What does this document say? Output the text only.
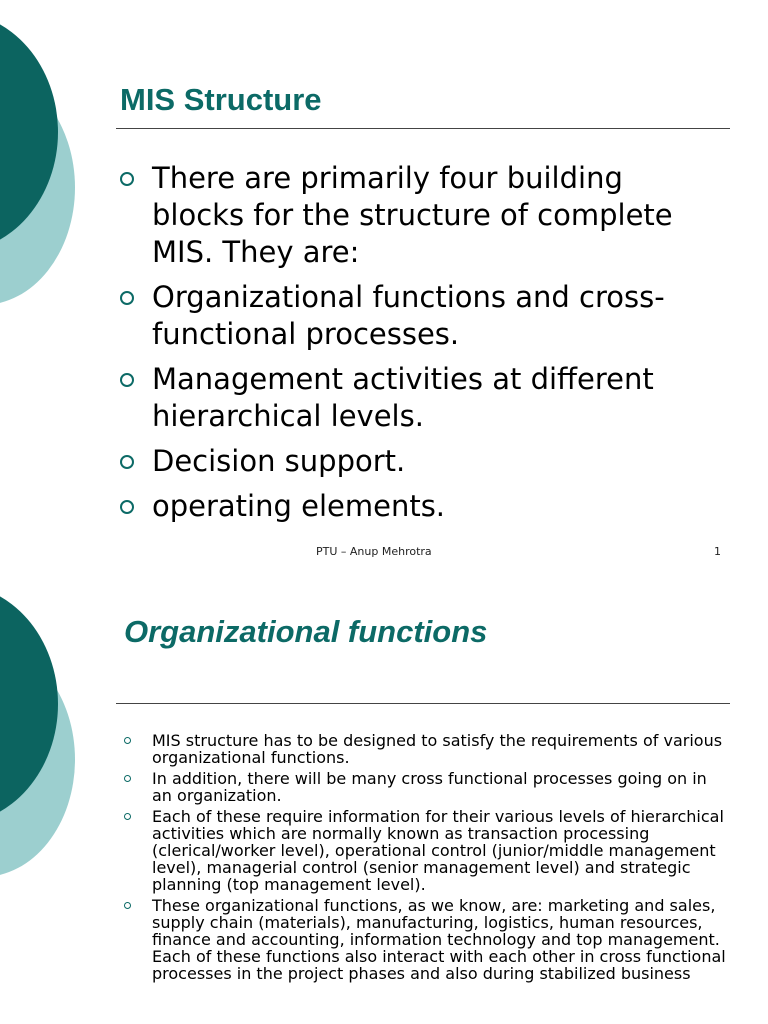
MIS Structure
There are primarily four building blocks for the structure of complete MIS. They are:
Organizational functions and cross-functional processes.
Management activities at different hierarchical levels.
Decision support.
operating elements.
PTU – Anup Mehrotra	1
Organizational functions
MIS structure has to be designed to satisfy the requirements of various organizational functions.
In addition, there will be many cross functional processes going on in an organization.
Each of these require information for their various levels of hierarchical activities which are normally known as transaction processing (clerical/worker level), operational control (junior/middle management level), managerial control (senior management level) and strategic planning (top management level).
These organizational functions, as we know, are: marketing and sales, supply chain (materials), manufacturing, logistics, human resources, finance and accounting, information technology and top management. Each of these functions also interact with each other in cross functional processes in the project phases and also during stabilized business
